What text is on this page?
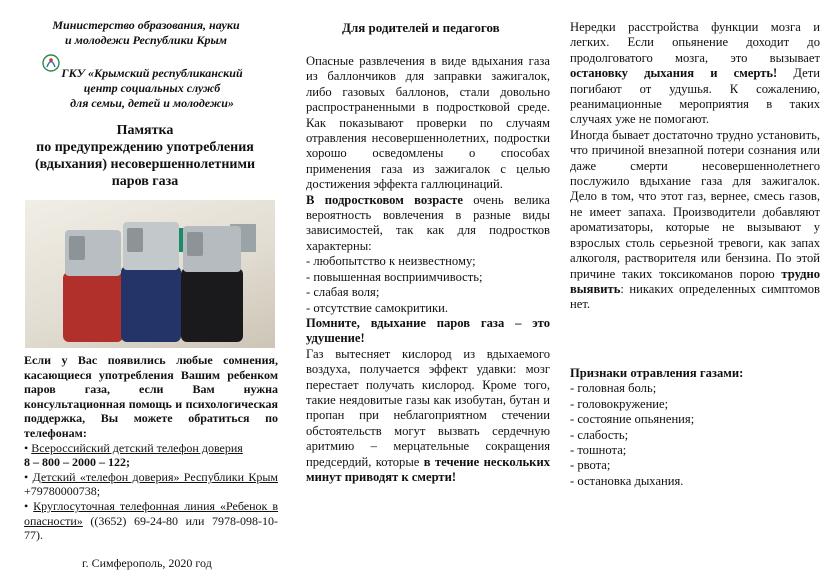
Министерство образования, науки
и молодежи Республики Крым
ГКУ «Крымский республиканский
центр социальных служб
для семьи, детей и молодежи»
Памятка
по предупреждению употребления
(вдыхания) несовершеннолетними
паров газа

Если у Вас появились любые сомнения, касающиеся употребления Вашим ребенком паров газа, если Вам нужна консультационная помощь и психологическая поддержка, Вы можете обратиться по телефонам:

• Всероссийский детский телефон доверия

8 – 800 – 2000 – 122;

• Детский «телефон доверия» Республики Крым +79780000738;

• Круглосуточная телефонная линия «Ребенок в опасности» ((3652) 69-24-80 или 7978-098-10-77).

г. Симферополь, 2020 год
Для родителей и педагогов

Опасные развлечения в виде вдыхания газа из баллончиков для заправки зажигалок, либо газовых баллонов, стали довольно распространенными в подростковой среде. Как показывают проверки по случаям отравления несовершеннолетних, подростки хорошо осведомлены о способах применения газа из зажигалок с целью достижения эффекта галлюцинаций.

В подростковом возрасте очень велика вероятность вовлечения в разные виды зависимостей, так как для подростков характерны:

- любопытство к неизвестному;
- повышенная восприимчивость;
- слабая воля;
- отсутствие самокритики.

Помните, вдыхание паров газа – это удушение!

Газ вытесняет кислород из вдыхаемого воздуха, получается эффект удавки: мозг перестает получать кислород. Кроме того, такие неядовитые газы как изобутан, бутан и пропан при неблагоприятном стечении обстоятельств могут вызвать сердечную аритмию – мерцательные сокращения предсердий, которые в течение нескольких минут приводят к смерти!

Нередки расстройства функции мозга и легких. Если опьянение доходит до продолговатого мозга, это вызывает остановку дыхания и смерть! Дети погибают от удушья. К сожалению, реанимационные мероприятия в таких случаях уже не помогают.

Иногда бывает достаточно трудно установить, что причиной внезапной потери сознания или даже смерти несовершеннолетнего послужило вдыхание газа для зажигалок. Дело в том, что этот газ, вернее, смесь газов, не имеет запаха. Производители добавляют ароматизаторы, которые не вызывают у взрослых столь серьезной тревоги, как запах алкоголя, растворителя или бензина. По этой причине таких токсикоманов порою трудно выявить: никаких определенных симптомов нет.

Признаки отравления газами:

- головная боль;
- головокружение;
- состояние опьянения;
- слабость;
- тошнота;
- рвота;
- остановка дыхания.
